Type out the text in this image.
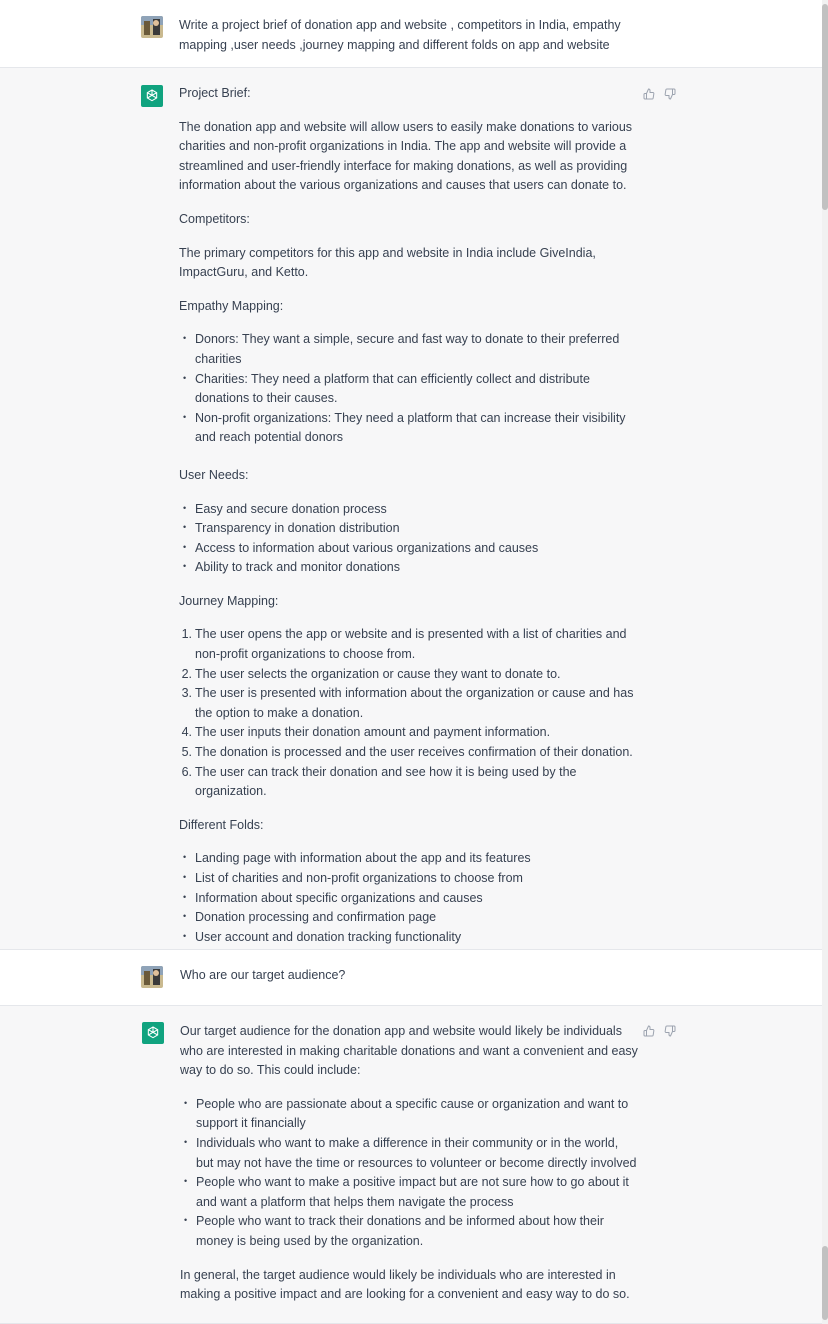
Write a project brief of donation app and website , competitors in India, empathy mapping ,user needs ,journey mapping and different folds on app and website

Project Brief:

The donation app and website will allow users to easily make donations to various charities and non-profit organizations in India. The app and website will provide a streamlined and user-friendly interface for making donations, as well as providing information about the various organizations and causes that users can donate to.

Competitors:

The primary competitors for this app and website in India include GiveIndia, ImpactGuru, and Ketto.

Empathy Mapping:

• Donors: They want a simple, secure and fast way to donate to their preferred charities
• Charities: They need a platform that can efficiently collect and distribute donations to their causes.
• Non-profit organizations: They need a platform that can increase their visibility and reach potential donors

User Needs:

• Easy and secure donation process
• Transparency in donation distribution
• Access to information about various organizations and causes
• Ability to track and monitor donations

Journey Mapping:

1. The user opens the app or website and is presented with a list of charities and non-profit organizations to choose from.
2. The user selects the organization or cause they want to donate to.
3. The user is presented with information about the organization or cause and has the option to make a donation.
4. The user inputs their donation amount and payment information.
5. The donation is processed and the user receives confirmation of their donation.
6. The user can track their donation and see how it is being used by the organization.

Different Folds:

• Landing page with information about the app and its features
• List of charities and non-profit organizations to choose from
• Information about specific organizations and causes
• Donation processing and confirmation page
• User account and donation tracking functionality
•

Who are our target audience?

Our target audience for the donation app and website would likely be individuals who are interested in making charitable donations and want a convenient and easy way to do so. This could include:

• People who are passionate about a specific cause or organization and want to support it financially
• Individuals who want to make a difference in their community or in the world, but may not have the time or resources to volunteer or become directly involved
• People who want to make a positive impact but are not sure how to go about it and want a platform that helps them navigate the process
• People who want to track their donations and be informed about how their money is being used by the organization.

In general, the target audience would likely be individuals who are interested in making a positive impact and are looking for a convenient and easy way to do so.
